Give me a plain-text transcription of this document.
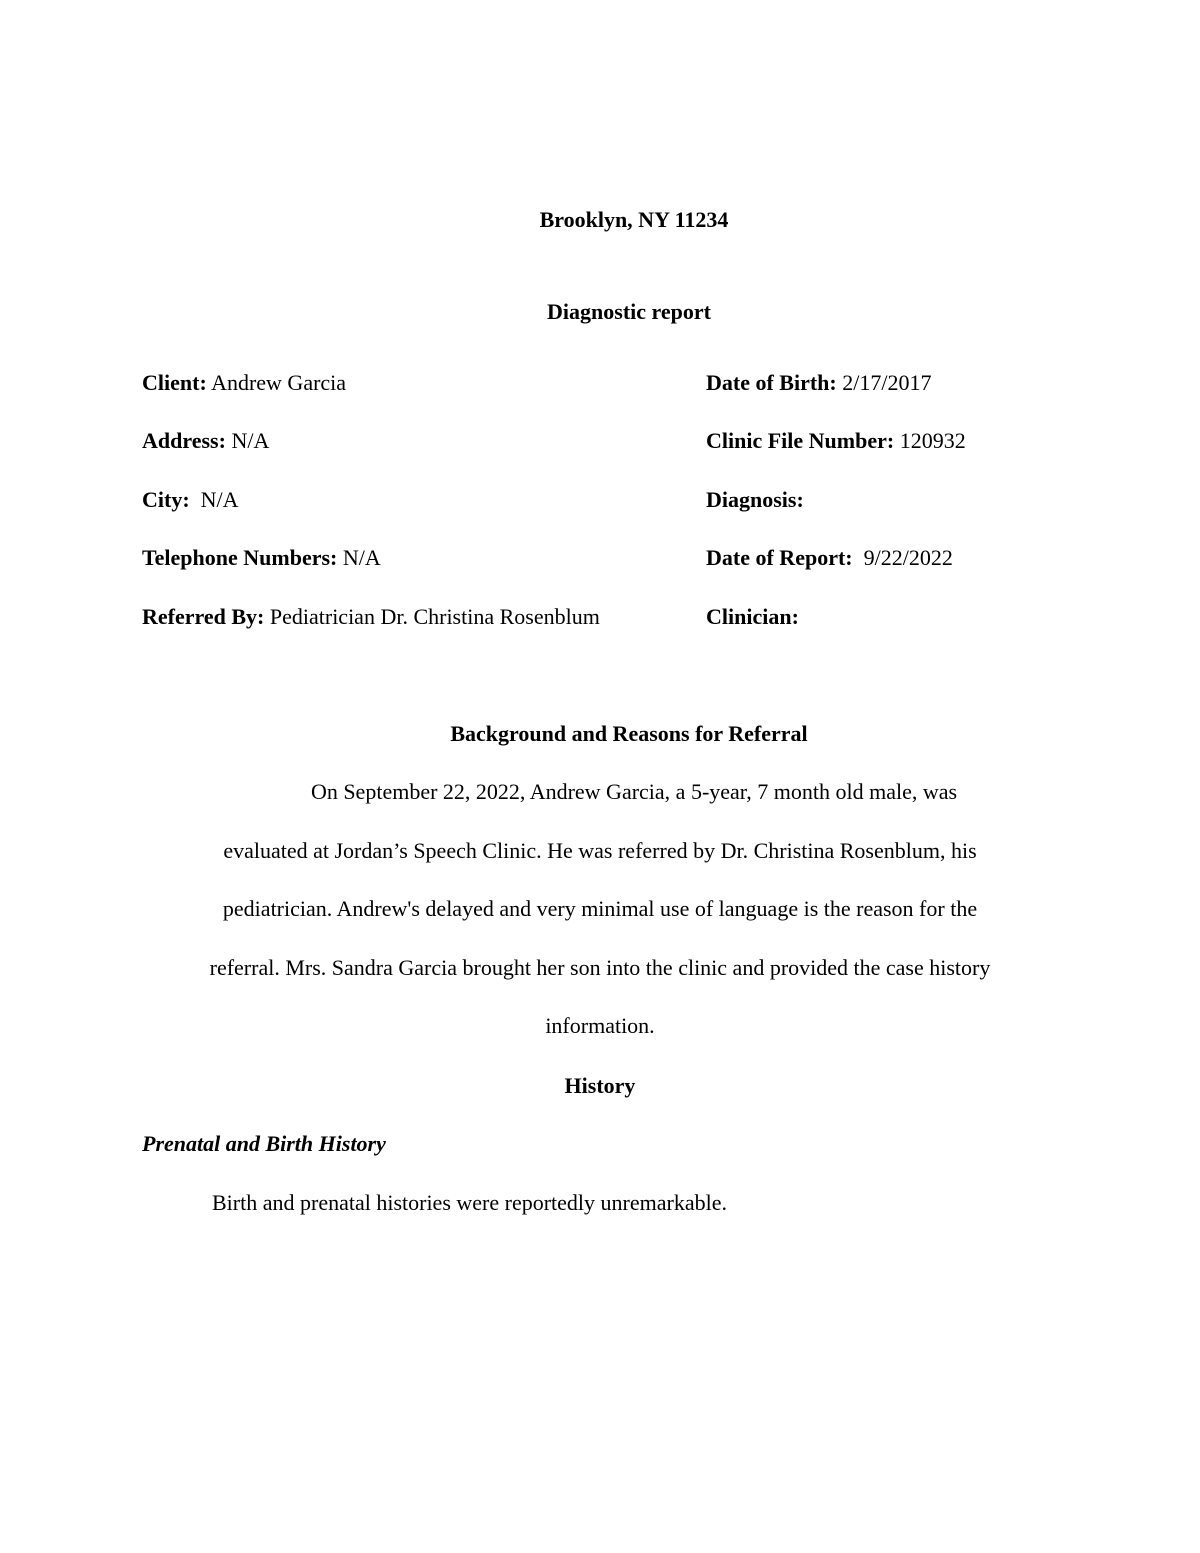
Brooklyn, NY 11234
Diagnostic report
Client: Andrew Garcia
Address: N/A
City: N/A
Telephone Numbers: N/A
Referred By: Pediatrician Dr. Christina Rosenblum
Date of Birth: 2/17/2017
Clinic File Number: 120932
Diagnosis:
Date of Report: 9/22/2022
Clinician:
Background and Reasons for Referral
On September 22, 2022, Andrew Garcia, a 5-year, 7 month old male, was
evaluated at Jordan’s Speech Clinic. He was referred by Dr. Christina Rosenblum, his
pediatrician. Andrew's delayed and very minimal use of language is the reason for the
referral. Mrs. Sandra Garcia brought her son into the clinic and provided the case history
information.
History
Prenatal and Birth History
Birth and prenatal histories were reportedly unremarkable.
